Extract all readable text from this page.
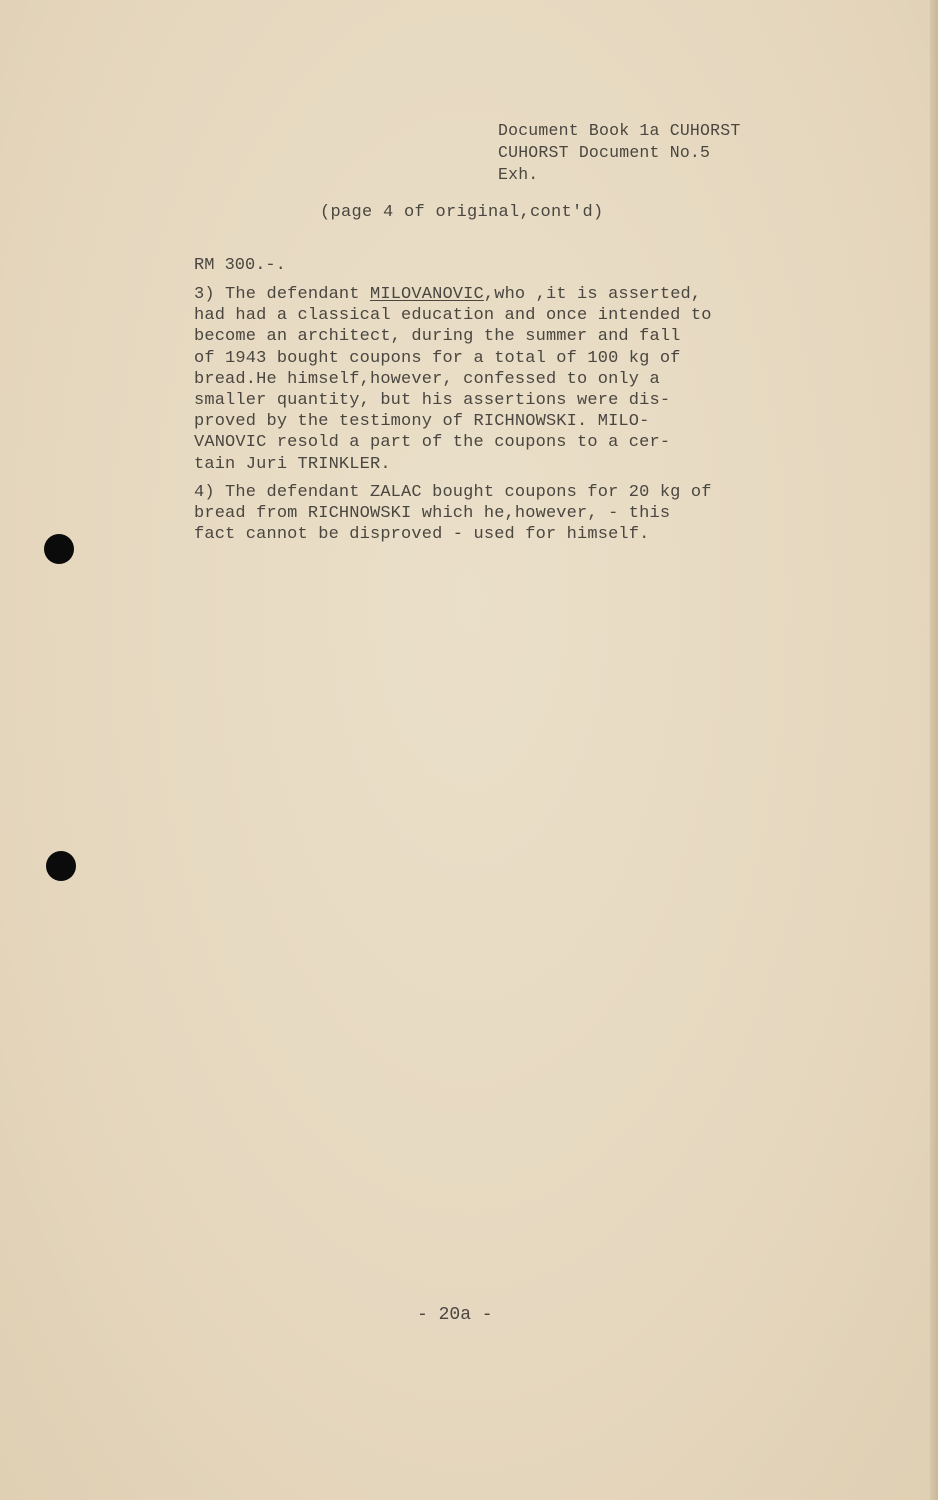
Document Book 1a CUHORST
CUHORST Document No.5
Exh.
(page 4 of original,cont'd)
RM 300.-.
3) The defendant MILOVANOVIC,who ,it is asserted,
had had a classical education and once intended to
become an architect, during the summer and fall
of 1943 bought coupons for a total of 100 kg of
bread.He himself,however, confessed to only a
smaller quantity, but his assertions were dis-
proved by the testimony of RICHNOWSKI. MILO-
VANOVIC resold a part of the coupons to a cer-
tain Juri TRINKLER.
4) The defendant ZALAC bought coupons for 20 kg of
bread from RICHNOWSKI which he,however, - this
fact cannot be disproved - used for himself.
- 20a -
